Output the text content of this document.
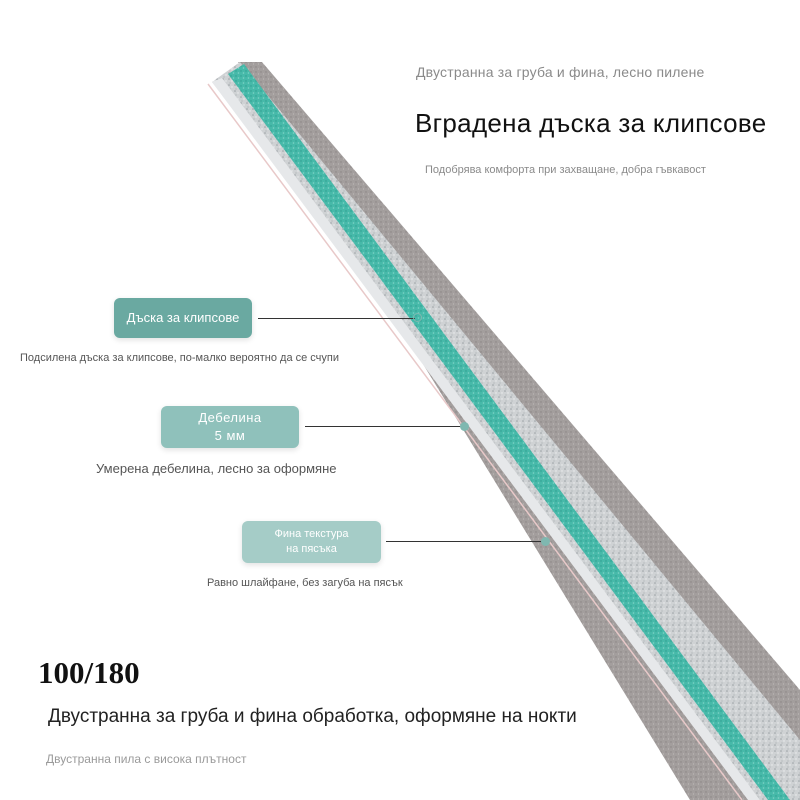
Двустранна за груба и фина, лесно пилене
Вградена дъска за клипсове
Подобрява комфорта при захващане, добра гъвкавост
Дъска за клипсове
Подсилена дъска за клипсове, по-малко вероятно да се счупи
Дебелина
5 мм
Умерена дебелина, лесно за оформяне
Фина текстура
на пясъка
Равно шлайфане, без загуба на пясък
100/180
Двустранна за груба и фина обработка, оформяне на нокти
Двустранна пила с висока плътност
